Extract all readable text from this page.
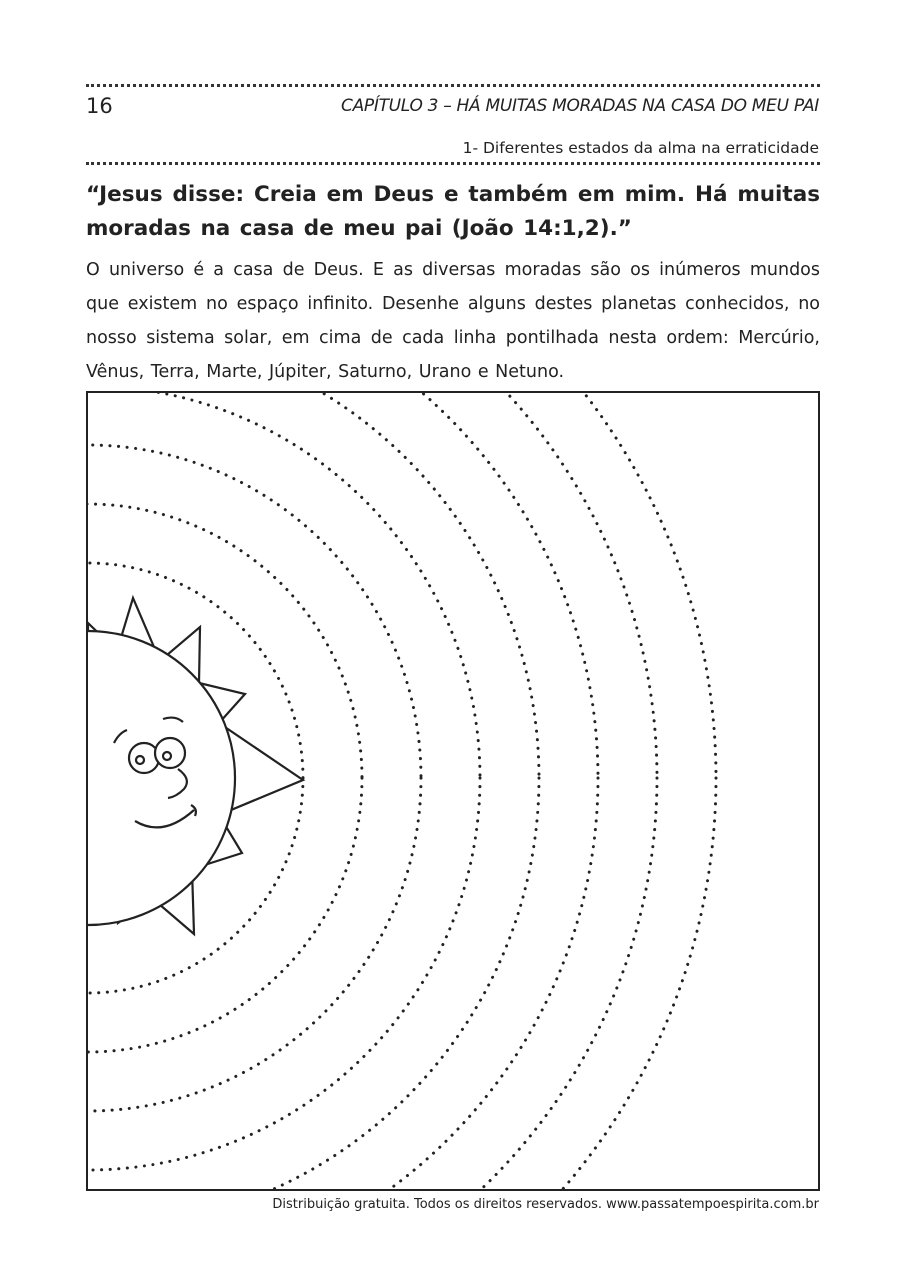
16	CAPÍTULO 3 – HÁ MUITAS MORADAS NA CASA DO MEU PAI
1- Diferentes estados da alma na erraticidade

“Jesus disse: Creia em Deus e também em mim. Há muitas moradas na casa de meu pai (João 14:1,2).”

O universo é a casa de Deus. E as diversas moradas são os inúmeros mundos que existem no espaço infinito. Desenhe alguns destes planetas conhecidos, no nosso sistema solar, em cima de cada linha pontilhada nesta ordem: Mercúrio, Vênus, Terra, Marte, Júpiter, Saturno, Urano e Netuno.

Distribuição gratuita. Todos os direitos reservados. www.passatempoespirita.com.br
